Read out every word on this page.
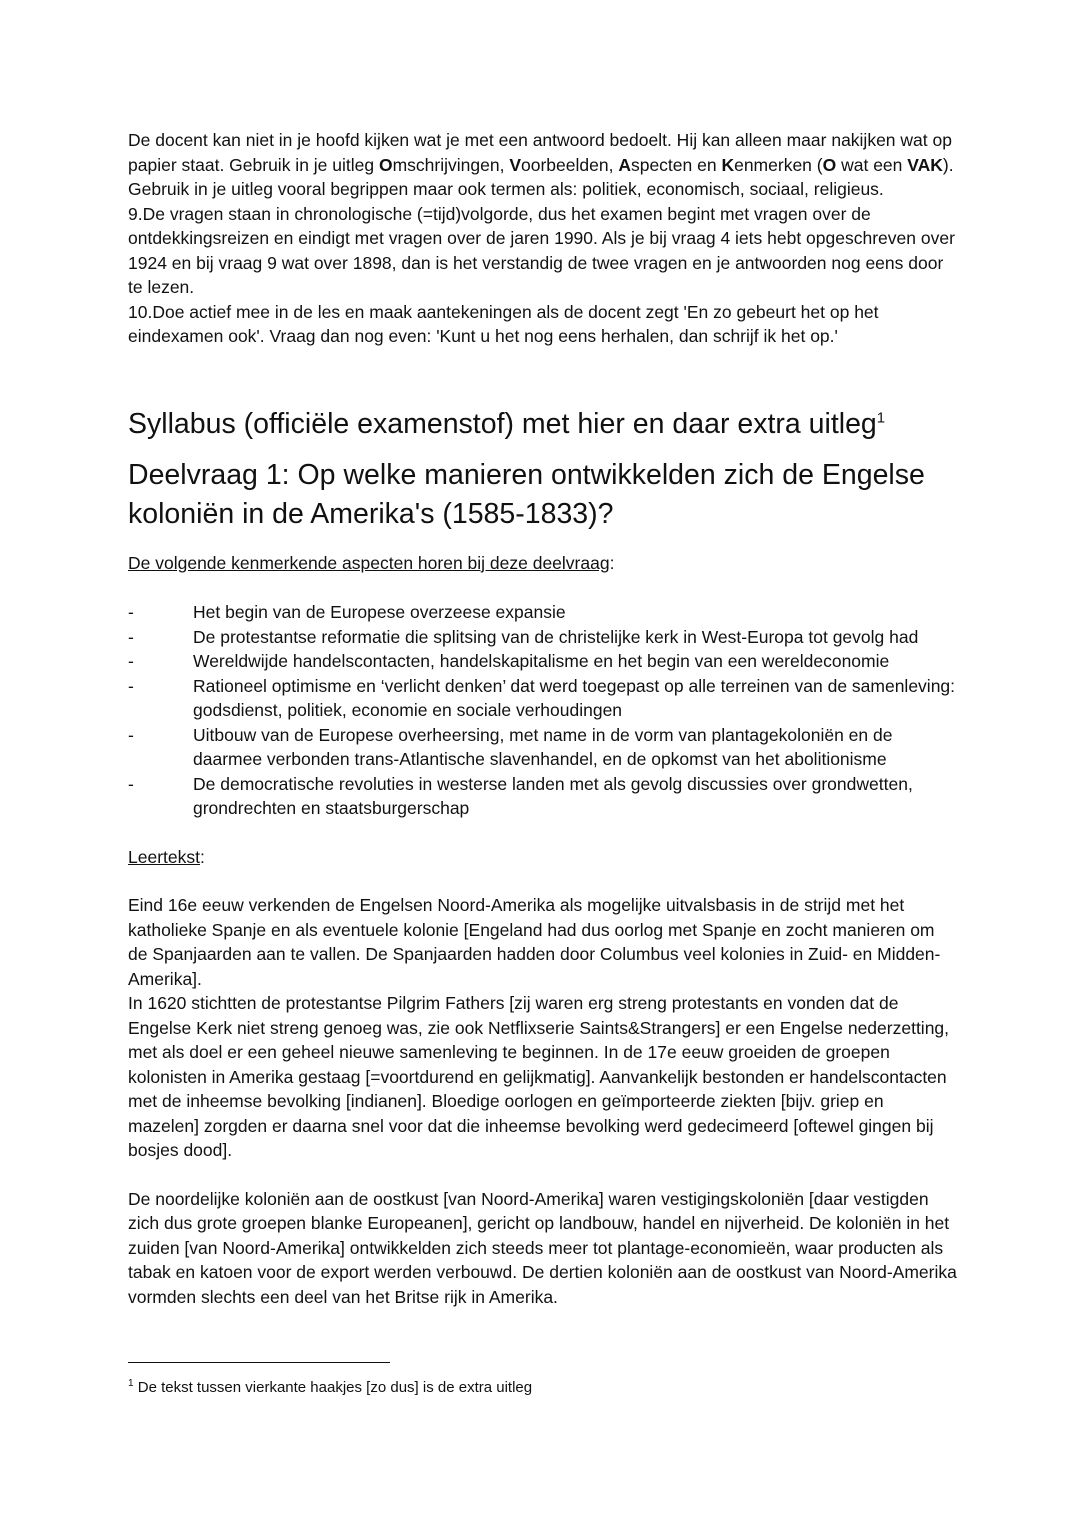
De docent kan niet in je hoofd kijken wat je met een antwoord bedoelt. Hij kan alleen maar nakijken wat op papier staat. Gebruik in je uitleg Omschrijvingen, Voorbeelden, Aspecten en Kenmerken (O wat een VAK). Gebruik in je uitleg vooral begrippen maar ook termen als: politiek, economisch, sociaal, religieus.

9.De vragen staan in chronologische (=tijd)volgorde, dus het examen begint met vragen over de ontdekkingsreizen en eindigt met vragen over de jaren 1990. Als je bij vraag 4 iets hebt opgeschreven over 1924 en bij vraag 9 wat over 1898, dan is het verstandig de twee vragen en je antwoorden nog eens door te lezen.

10.Doe actief mee in de les en maak aantekeningen als de docent zegt 'En zo gebeurt het op het eindexamen ook'. Vraag dan nog even: 'Kunt u het nog eens herhalen, dan schrijf ik het op.'

Syllabus (officiële examenstof) met hier en daar extra uitleg$^1$
Deelvraag 1: Op welke manieren ontwikkelden zich de Engelse koloniën in de Amerika's (1585-1833)?

De volgende kenmerkende aspecten horen bij deze deelvraag:

-	Het begin van de Europese overzeese expansie
-	De protestantse reformatie die splitsing van de christelijke kerk in West-Europa tot gevolg had
-	Wereldwijde handelscontacten, handelskapitalisme en het begin van een wereldeconomie
-	Rationeel optimisme en ‘verlicht denken’ dat werd toegepast op alle terreinen van de samenleving: godsdienst, politiek, economie en sociale verhoudingen
-	Uitbouw van de Europese overheersing, met name in de vorm van plantagekoloniën en de daarmee verbonden trans-Atlantische slavenhandel, en de opkomst van het abolitionisme
-	De democratische revoluties in westerse landen met als gevolg discussies over grondwetten, grondrechten en staatsburgerschap

Leertekst:

Eind 16e eeuw verkenden de Engelsen Noord-Amerika als mogelijke uitvalsbasis in de strijd met het katholieke Spanje en als eventuele kolonie [Engeland had dus oorlog met Spanje en zocht manieren om de Spanjaarden aan te vallen. De Spanjaarden hadden door Columbus veel kolonies in Zuid- en Midden-Amerika].

In 1620 stichtten de protestantse Pilgrim Fathers [zij waren erg streng protestants en vonden dat de Engelse Kerk niet streng genoeg was, zie ook Netflixserie Saints&Strangers] er een Engelse nederzetting, met als doel er een geheel nieuwe samenleving te beginnen. In de 17e eeuw groeiden de groepen kolonisten in Amerika gestaag [=voortdurend en gelijkmatig]. Aanvankelijk bestonden er handelscontacten met de inheemse bevolking [indianen]. Bloedige oorlogen en geïmporteerde ziekten [bijv. griep en mazelen] zorgden er daarna snel voor dat die inheemse bevolking werd gedecimeerd [oftewel gingen bij bosjes dood].

De noordelijke koloniën aan de oostkust [van Noord-Amerika] waren vestigingskoloniën [daar vestigden zich dus grote groepen blanke Europeanen], gericht op landbouw, handel en nijverheid. De koloniën in het zuiden [van Noord-Amerika] ontwikkelden zich steeds meer tot plantage-economieën, waar producten als tabak en katoen voor de export werden verbouwd. De dertien koloniën aan de oostkust van Noord-Amerika vormden slechts een deel van het Britse rijk in Amerika.

$^1$ De tekst tussen vierkante haakjes [zo dus] is de extra uitleg
